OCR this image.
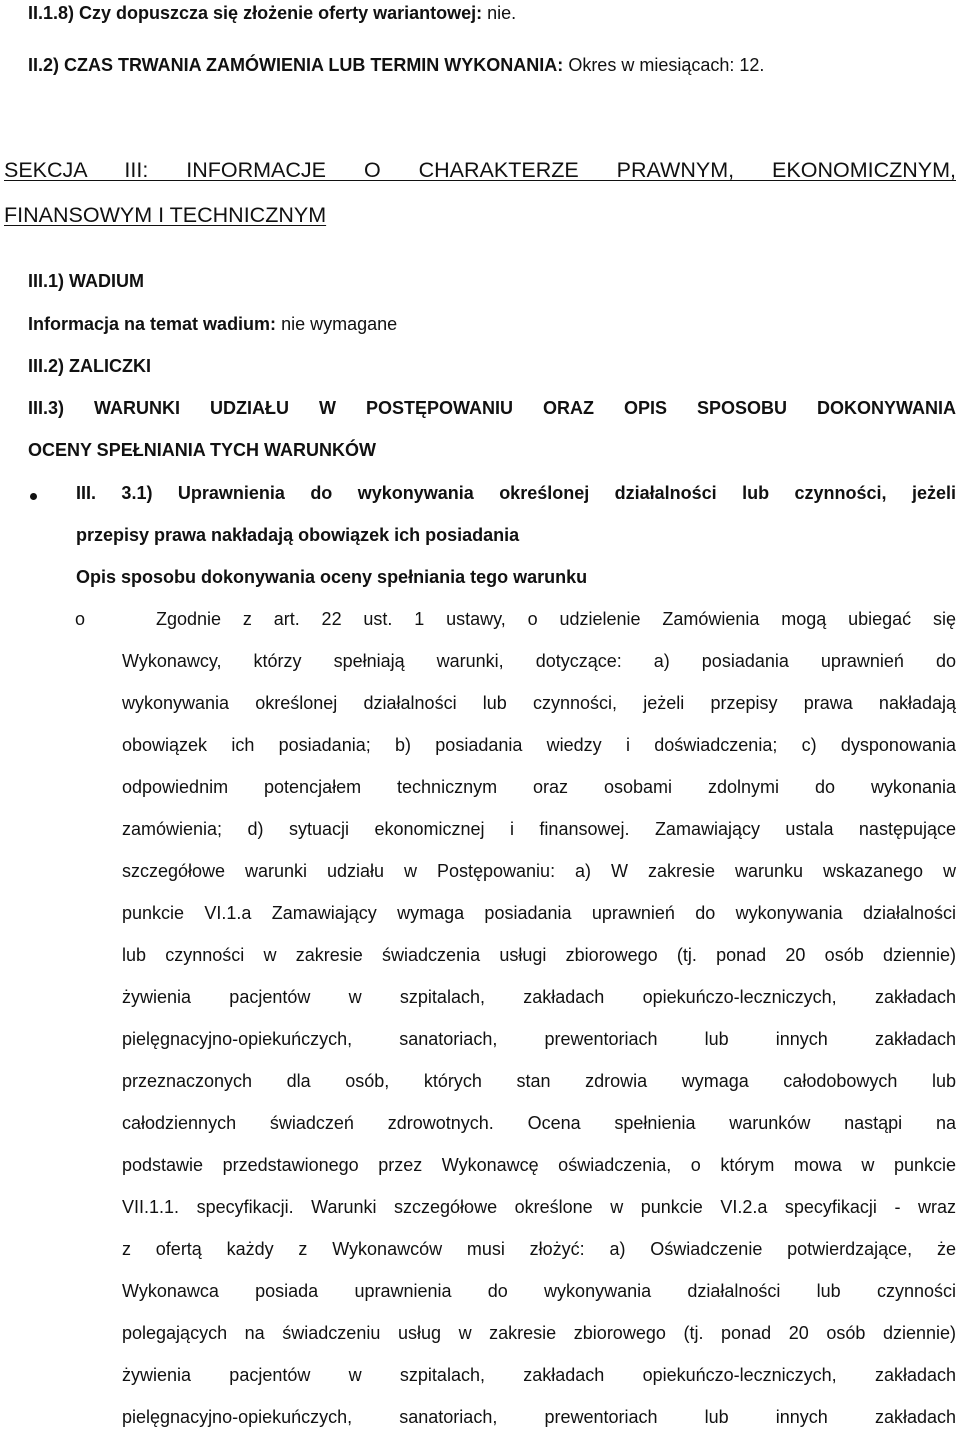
II.1.8) Czy dopuszcza się złożenie oferty wariantowej: nie.
II.2) CZAS TRWANIA ZAMÓWIENIA LUB TERMIN WYKONANIA: Okres w miesiącach: 12.
SEKCJA III: INFORMACJE O CHARAKTERZE PRAWNYM, EKONOMICZNYM,
FINANSOWYM I TECHNICZNYM
III.1) WADIUM
Informacja na temat wadium: nie wymagane
III.2) ZALICZKI
III.3) WARUNKI UDZIAŁU W POSTĘPOWANIU ORAZ OPIS SPOSOBU DOKONYWANIA
OCENY SPEŁNIANIA TYCH WARUNKÓW
III. 3.1) Uprawnienia do wykonywania określonej działalności lub czynności, jeżeli
przepisy prawa nakładają obowiązek ich posiadania
Opis sposobu dokonywania oceny spełniania tego warunku
o	Zgodnie z art. 22 ust. 1 ustawy, o udzielenie Zamówienia mogą ubiegać się
Wykonawcy, którzy spełniają warunki, dotyczące: a) posiadania uprawnień do
wykonywania określonej działalności lub czynności, jeżeli przepisy prawa nakładają
obowiązek ich posiadania; b) posiadania wiedzy i doświadczenia; c) dysponowania
odpowiednim potencjałem technicznym oraz osobami zdolnymi do wykonania
zamówienia; d) sytuacji ekonomicznej i finansowej. Zamawiający ustala następujące
szczegółowe warunki udziału w Postępowaniu: a) W zakresie warunku wskazanego w
punkcie VI.1.a Zamawiający wymaga posiadania uprawnień do wykonywania działalności
lub czynności w zakresie świadczenia usługi zbiorowego (tj. ponad 20 osób dziennie)
żywienia pacjentów w szpitalach, zakładach opiekuńczo-leczniczych, zakładach
pielęgnacyjno-opiekuńczych, sanatoriach, prewentoriach lub innych zakładach
przeznaczonych dla osób, których stan zdrowia wymaga całodobowych lub
całodziennych świadczeń zdrowotnych. Ocena spełnienia warunków nastąpi na
podstawie przedstawionego przez Wykonawcę oświadczenia, o którym mowa w punkcie
VII.1.1. specyfikacji. Warunki szczegółowe określone w punkcie VI.2.a specyfikacji - wraz
z ofertą każdy z Wykonawców musi złożyć: a) Oświadczenie potwierdzające, że
Wykonawca posiada uprawnienia do wykonywania działalności lub czynności
polegających na świadczeniu usług w zakresie zbiorowego (tj. ponad 20 osób dziennie)
żywienia pacjentów w szpitalach, zakładach opiekuńczo-leczniczych, zakładach
pielęgnacyjno-opiekuńczych, sanatoriach, prewentoriach lub innych zakładach
